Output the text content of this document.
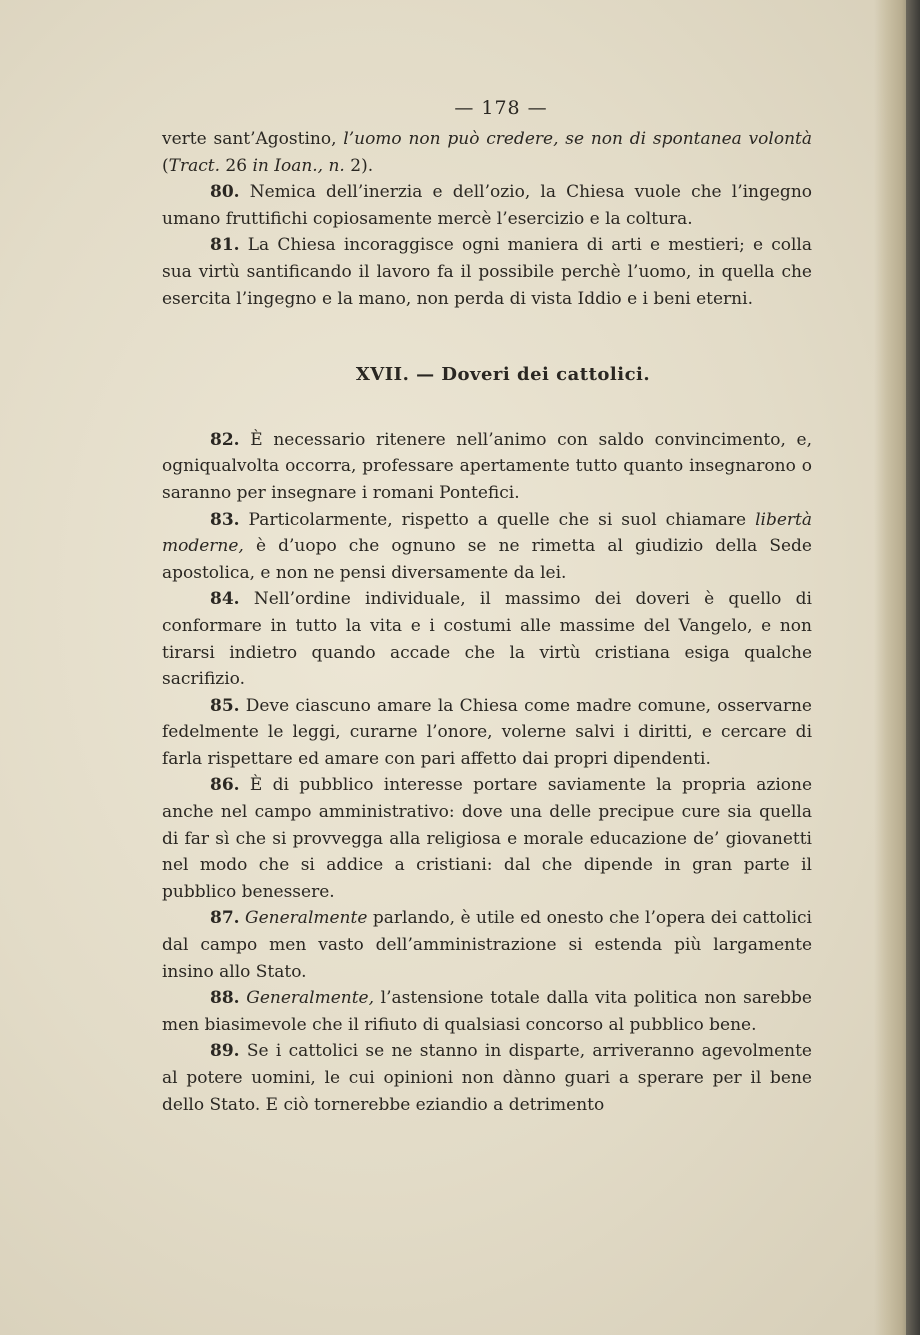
— 178 —

verte sant’Agostino, l’uomo non può credere, se non di spontanea volontà (Tract. 26 in Ioan., n. 2).

80. Nemica dell’inerzia e dell’ozio, la Chiesa vuole che l’ingegno umano fruttifichi copiosamente mercè l’esercizio e la coltura.

81. La Chiesa incoraggisce ogni maniera di arti e mestieri; e colla sua virtù santificando il lavoro fa il possibile perchè l’uomo, in quella che esercita l’ingegno e la mano, non perda di vista Iddio e i beni eterni.

XVII. — Doveri dei cattolici.

82. È necessario ritenere nell’animo con saldo convincimento, e, ogniqualvolta occorra, professare apertamente tutto quanto insegnarono o saranno per insegnare i romani Pontefici.

83. Particolarmente, rispetto a quelle che si suol chiamare libertà moderne, è d’uopo che ognuno se ne rimetta al giudizio della Sede apostolica, e non ne pensi diversamente da lei.

84. Nell’ordine individuale, il massimo dei doveri è quello di conformare in tutto la vita e i costumi alle massime del Vangelo, e non tirarsi indietro quando accade che la virtù cristiana esiga qualche sacrifizio.

85. Deve ciascuno amare la Chiesa come madre comune, osservarne fedelmente le leggi, curarne l’onore, volerne salvi i diritti, e cercare di farla rispettare ed amare con pari affetto dai propri dipendenti.

86. È di pubblico interesse portare saviamente la propria azione anche nel campo amministrativo: dove una delle precipue cure sia quella di far sì che si provvegga alla religiosa e morale educazione de’ giovanetti nel modo che si addice a cristiani: dal che dipende in gran parte il pubblico benessere.

87. Generalmente parlando, è utile ed onesto che l’opera dei cattolici dal campo men vasto dell’amministrazione si estenda più largamente insino allo Stato.

88. Generalmente, l’astensione totale dalla vita politica non sarebbe men biasimevole che il rifiuto di qualsiasi concorso al pubblico bene.

89. Se i cattolici se ne stanno in disparte, arriveranno agevolmente al potere uomini, le cui opinioni non dànno guari a sperare per il bene dello Stato. E ciò tornerebbe eziandio a detrimento
